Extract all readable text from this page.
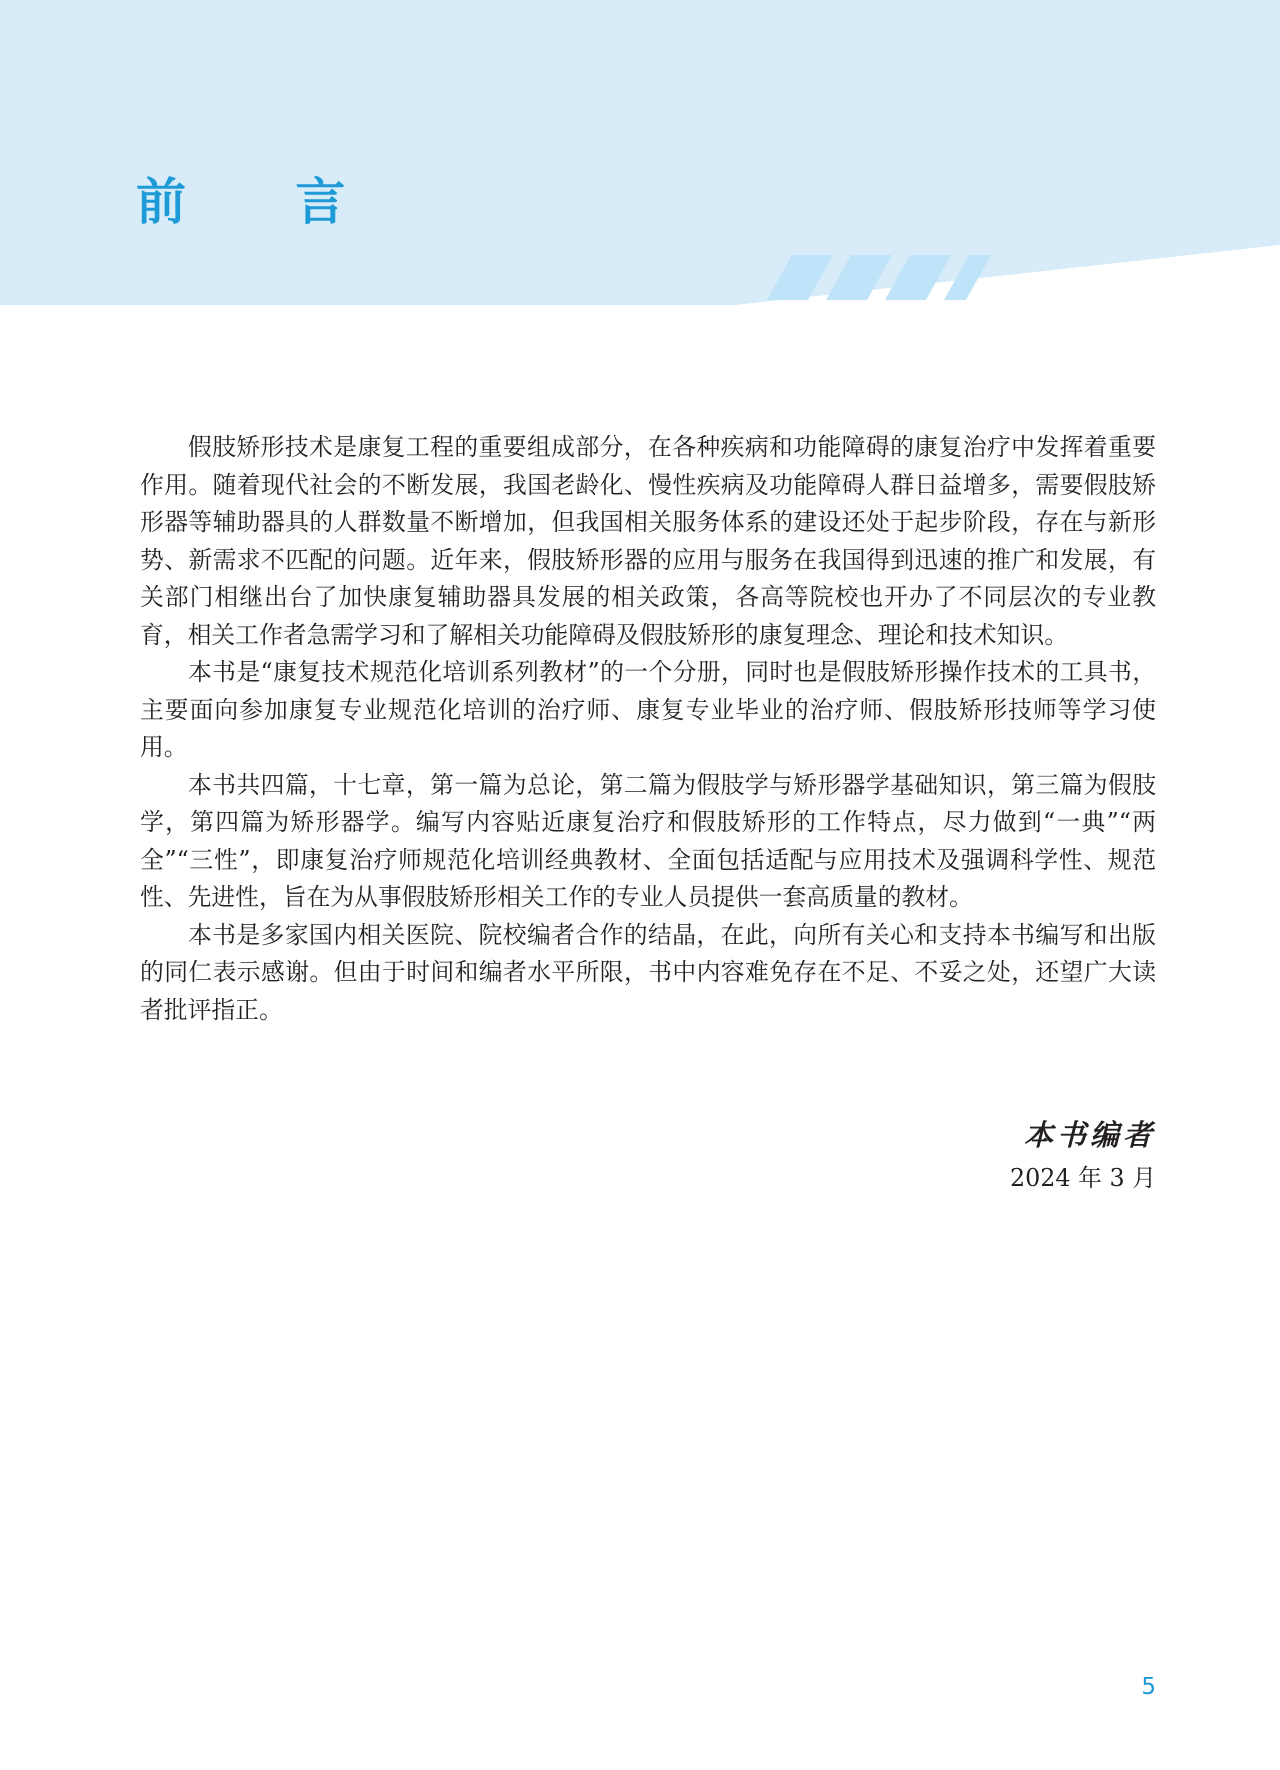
前 言

假肢矫形技术是康复工程的重要组成部分，在各种疾病和功能障碍的康复治疗中发挥着重要作用。随着现代社会的不断发展，我国老龄化、慢性疾病及功能障碍人群日益增多，需要假肢矫形器等辅助器具的人群数量不断增加，但我国相关服务体系的建设还处于起步阶段，存在与新形势、新需求不匹配的问题。近年来，假肢矫形器的应用与服务在我国得到迅速的推广和发展，有关部门相继出台了加快康复辅助器具发展的相关政策，各高等院校也开办了不同层次的专业教育，相关工作者急需学习和了解相关功能障碍及假肢矫形的康复理念、理论和技术知识。

本书是“康复技术规范化培训系列教材”的一个分册，同时也是假肢矫形操作技术的工具书，主要面向参加康复专业规范化培训的治疗师、康复专业毕业的治疗师、假肢矫形技师等学习使用。

本书共四篇，十七章，第一篇为总论，第二篇为假肢学与矫形器学基础知识，第三篇为假肢学，第四篇为矫形器学。编写内容贴近康复治疗和假肢矫形的工作特点，尽力做到“一典”“两全”“三性”，即康复治疗师规范化培训经典教材、全面包括适配与应用技术及强调科学性、规范性、先进性，旨在为从事假肢矫形相关工作的专业人员提供一套高质量的教材。

本书是多家国内相关医院、院校编者合作的结晶，在此，向所有关心和支持本书编写和出版的同仁表示感谢。但由于时间和编者水平所限，书中内容难免存在不足、不妥之处，还望广大读者批评指正。

本书编者

2024 年 3 月

5
